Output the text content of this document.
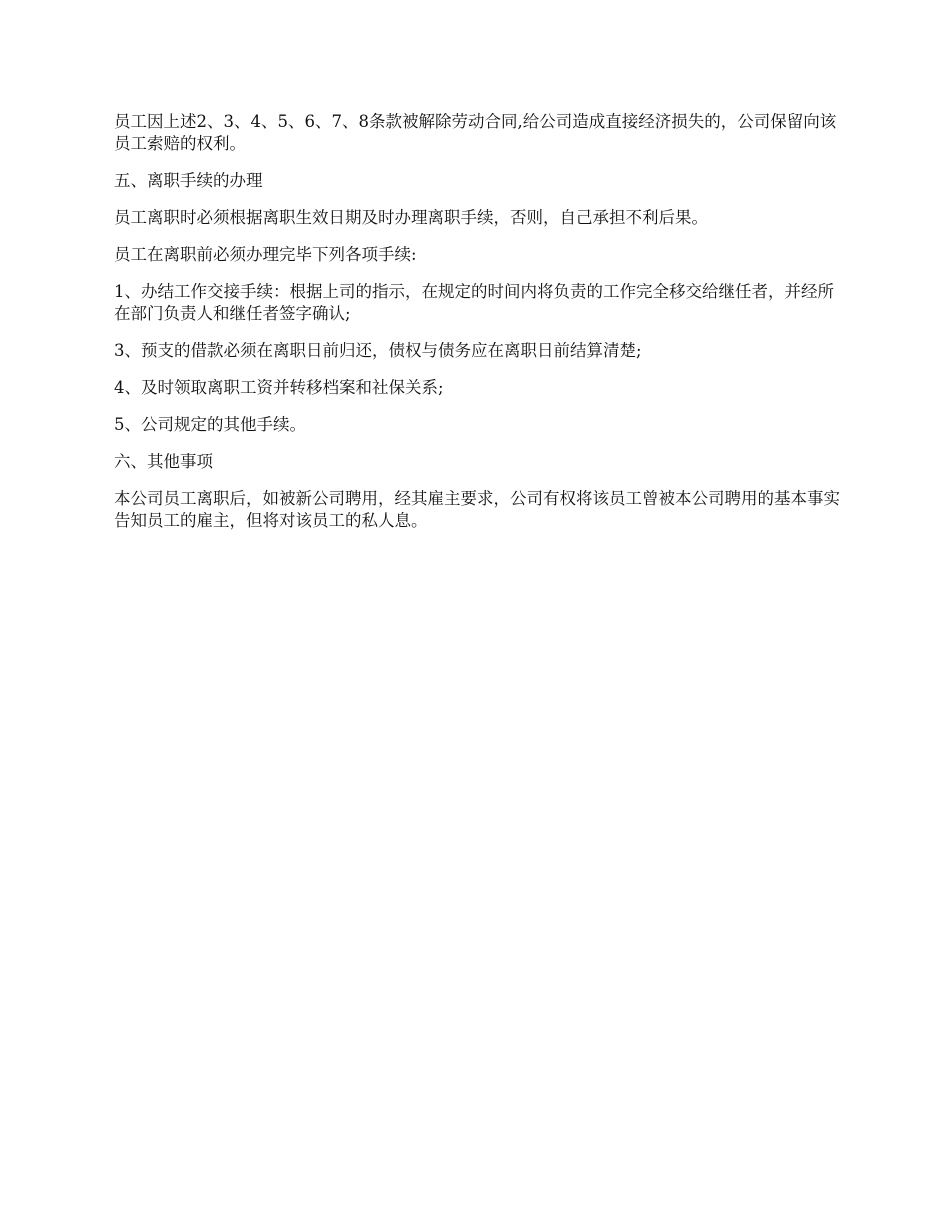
员工因上述2、3、4、5、6、7、8条款被解除劳动合同,给公司造成直接经济损失的，公司保留向该员工索赔的权利。

五、离职手续的办理

员工离职时必须根据离职生效日期及时办理离职手续，否则，自己承担不利后果。

员工在离职前必须办理完毕下列各项手续:

1、办结工作交接手续：根据上司的指示，在规定的时间内将负责的工作完全移交给继任者，并经所在部门负责人和继任者签字确认;

3、预支的借款必须在离职日前归还，债权与债务应在离职日前结算清楚;

4、及时领取离职工资并转移档案和社保关系;

5、公司规定的其他手续。

六、其他事项

本公司员工离职后，如被新公司聘用，经其雇主要求，公司有权将该员工曾被本公司聘用的基本事实告知员工的雇主，但将对该员工的私人息。
